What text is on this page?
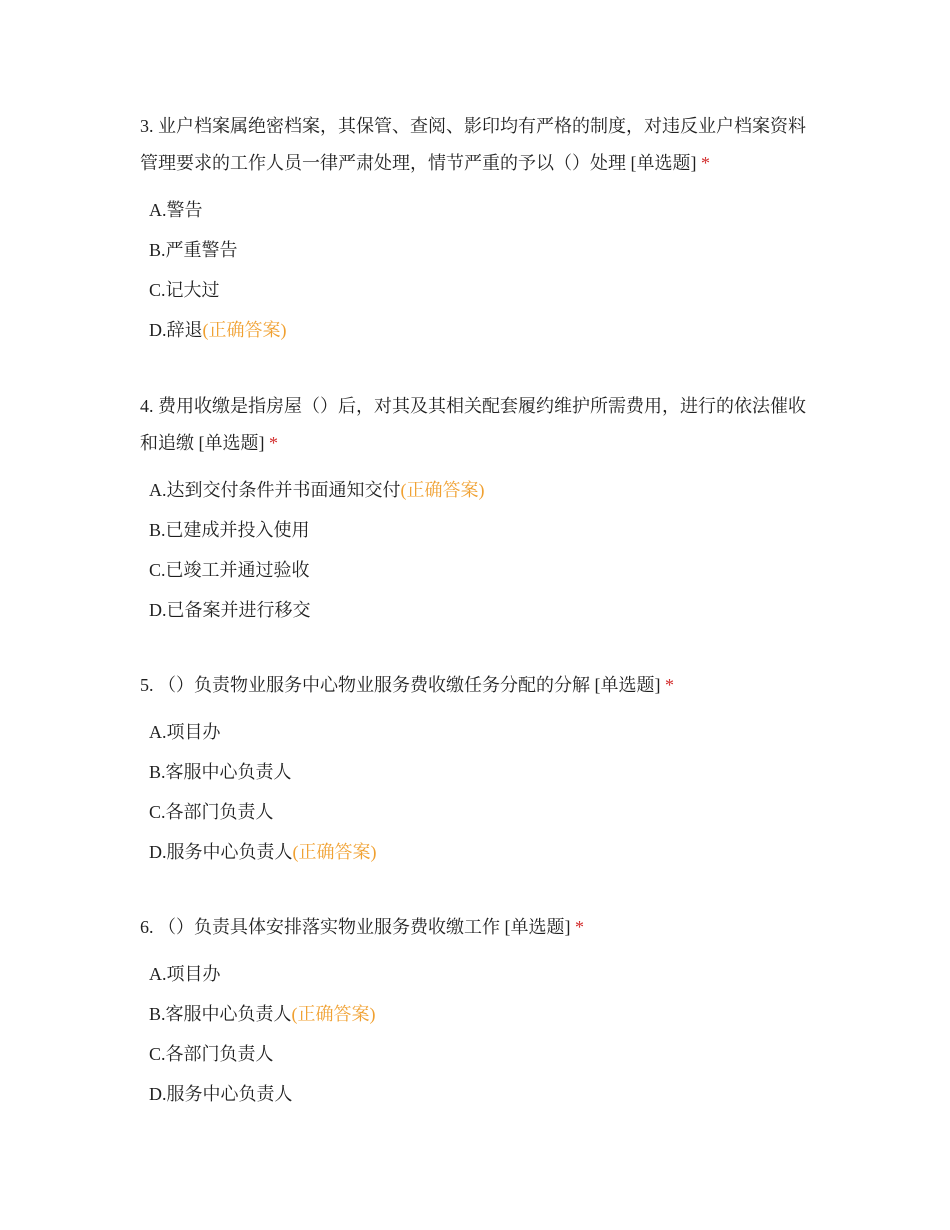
3. 业户档案属绝密档案，其保管、查阅、影印均有严格的制度，对违反业户档案资料管理要求的工作人员一律严肃处理，情节严重的予以（）处理 [单选题] *

A.警告
B.严重警告
C.记大过
D.辞退(正确答案)

4. 费用收缴是指房屋（）后，对其及其相关配套履约维护所需费用，进行的依法催收和追缴 [单选题] *

A.达到交付条件并书面通知交付(正确答案)
B.已建成并投入使用
C.已竣工并通过验收
D.已备案并进行移交

5. （）负责物业服务中心物业服务费收缴任务分配的分解 [单选题] *

A.项目办
B.客服中心负责人
C.各部门负责人
D.服务中心负责人(正确答案)

6. （）负责具体安排落实物业服务费收缴工作 [单选题] *

A.项目办
B.客服中心负责人(正确答案)
C.各部门负责人
D.服务中心负责人
